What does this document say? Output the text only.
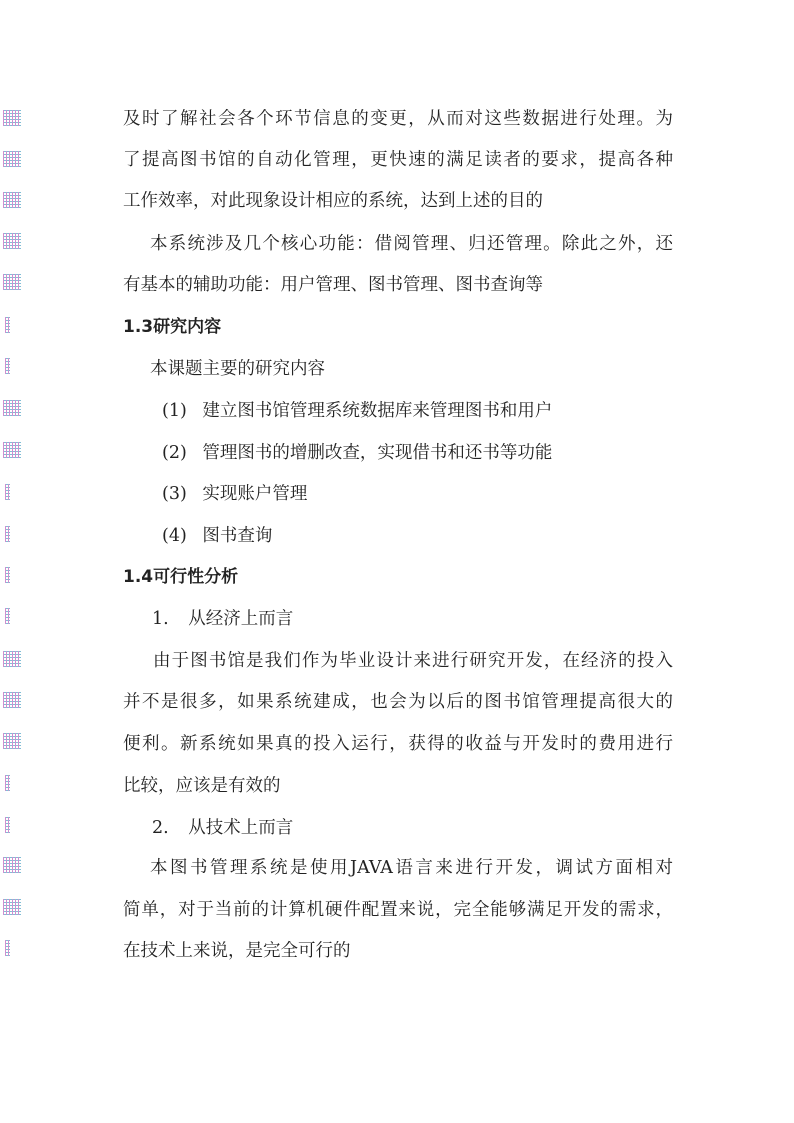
及时了解社会各个环节信息的变更，从而对这些数据进行处理。为
了提高图书馆的自动化管理，更快速的满足读者的要求，提高各种
工作效率，对此现象设计相应的系统，达到上述的目的
本系统涉及几个核心功能：借阅管理、归还管理。除此之外，还
有基本的辅助功能：用户管理、图书管理、图书查询等
1.3研究内容
本课题主要的研究内容
(1) 建立图书馆管理系统数据库来管理图书和用户
(2) 管理图书的增删改查，实现借书和还书等功能
(3) 实现账户管理
(4) 图书查询
1.4可行性分析
1. 从经济上而言
由于图书馆是我们作为毕业设计来进行研究开发，在经济的投入
并不是很多，如果系统建成，也会为以后的图书馆管理提高很大的
便利。新系统如果真的投入运行，获得的收益与开发时的费用进行
比较，应该是有效的
2. 从技术上而言
本图书管理系统是使用JAVA语言来进行开发，调试方面相对
简单，对于当前的计算机硬件配置来说，完全能够满足开发的需求，
在技术上来说，是完全可行的
